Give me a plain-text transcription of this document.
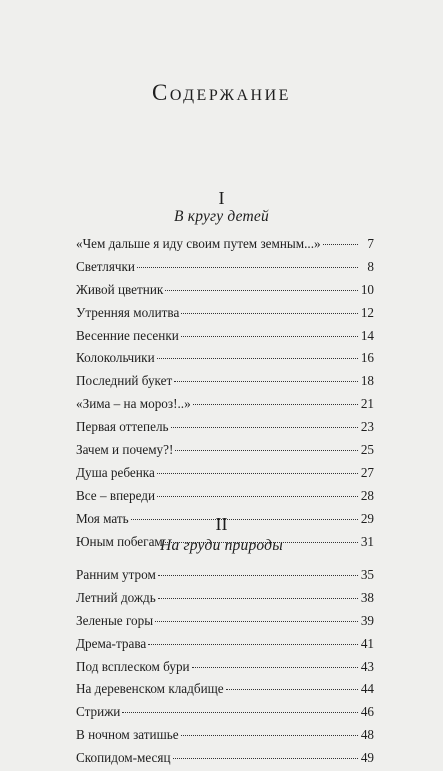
Содержание
I
В кругу детей
«Чем дальше я иду своим путем земным...»	7
Светлячки	8
Живой цветник	10
Утренняя молитва	12
Весенние песенки	14
Колокольчики	16
Последний букет	18
«Зима – на мороз!..»	21
Первая оттепель	23
Зачем и почему?!	25
Душа ребенка	27
Все – впереди	28
Моя мать	29
Юным побегам	31
II
На груди природы
Ранним утром	35
Летний дождь	38
Зеленые горы	39
Дрема-трава	41
Под всплеском бури	43
На деревенском кладбище	44
Стрижи	46
В ночном затишье	48
Скопидом-месяц	49
